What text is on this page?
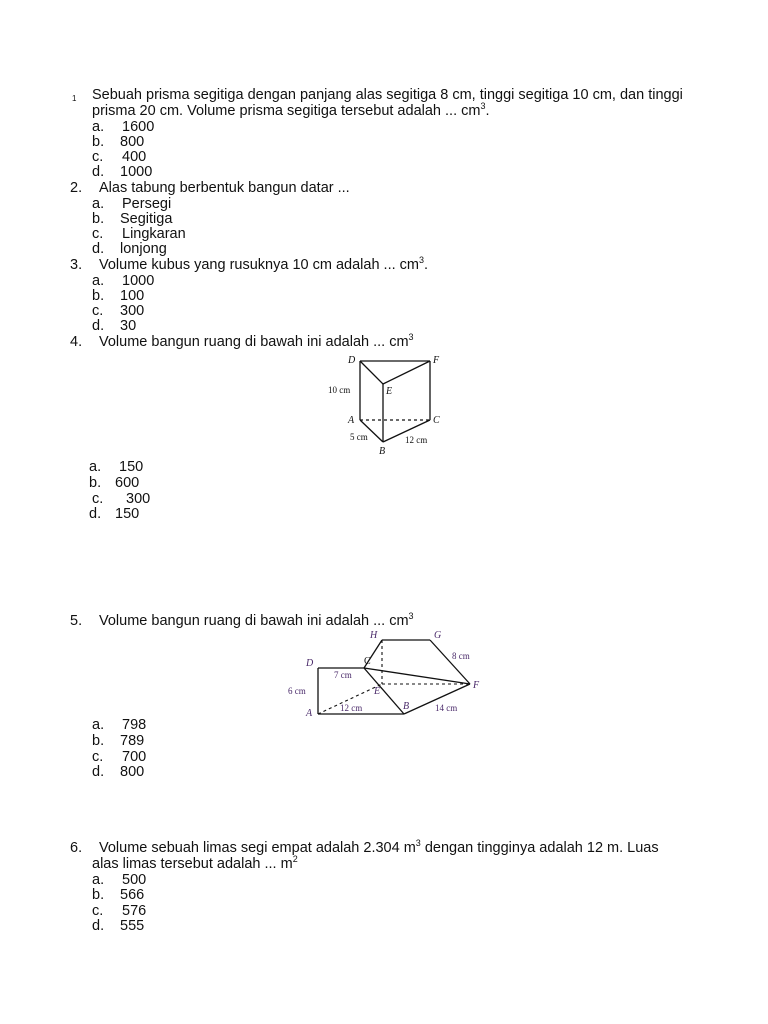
1 Sebuah prisma segitiga dengan panjang alas segitiga 8 cm, tinggi segitiga 10 cm, dan tinggi
prisma 20 cm. Volume prisma segitiga tersebut adalah ... $cm^3$.
a. 1600
b. 800
c. 400
d. 1000
2. Alas tabung berbentuk bangun datar ...
a. Persegi
b. Segitiga
c. Lingkaran
d. lonjong
3. Volume kubus yang rusuknya 10 cm adalah ... $cm^3$.
a. 1000
b. 100
c. 300
d. 30
4. Volume bangun ruang di bawah ini adalah ... $cm^3$
D	F
E
A	C
B
10 cm
5 cm	12 cm
a. 150
b. 600
c. 300
d. 150
5. Volume bangun ruang di bawah ini adalah ... $cm^3$
H	G
D	C
E
F
A
B
7 cm
8 cm
6 cm
12 cm	14 cm
a. 798
b. 789
c. 700
d. 800
6. Volume sebuah limas segi empat adalah 2.304 $m^3$ dengan tingginya adalah 12 m. Luas
alas limas tersebut adalah ... $m^2$
a. 500
b. 566
c. 576
d. 555
